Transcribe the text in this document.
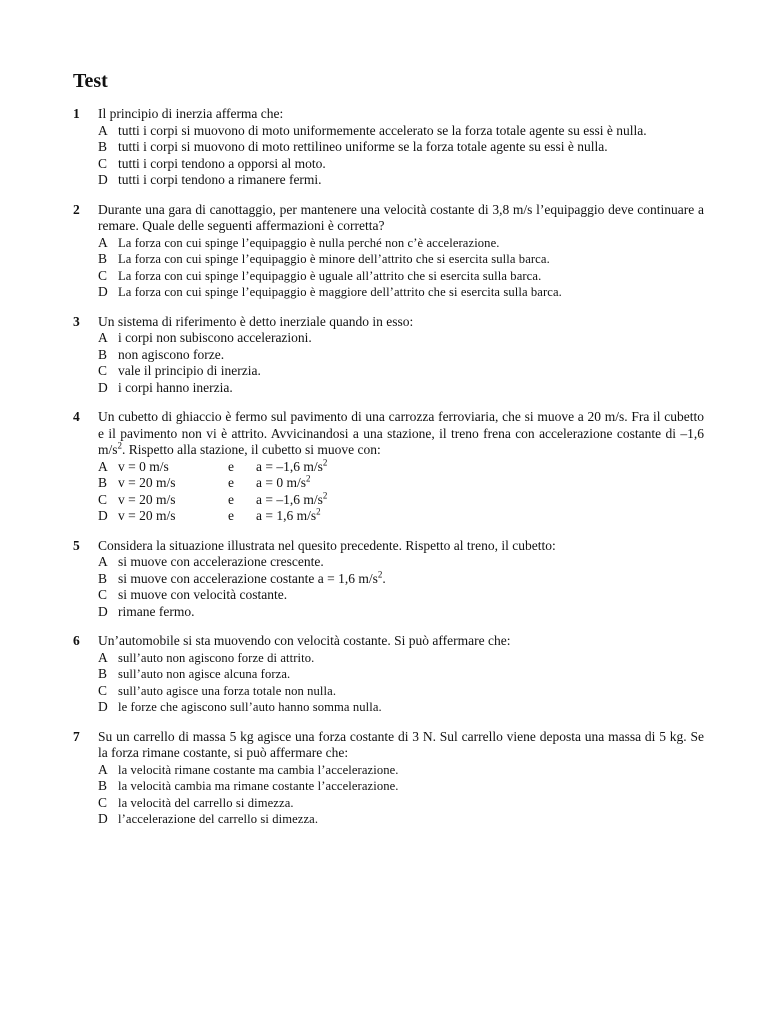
Test
1 Il principio di inerzia afferma che:
A tutti i corpi si muovono di moto uniformemente accelerato se la forza totale agente su essi è nulla.
B tutti i corpi si muovono di moto rettilineo uniforme se la forza totale agente su essi è nulla.
C tutti i corpi tendono a opporsi al moto.
D tutti i corpi tendono a rimanere fermi.
2 Durante una gara di canottaggio, per mantenere una velocità costante di 3,8 m/s l’equipaggio deve continuare a remare. Quale delle seguenti affermazioni è corretta?
A La forza con cui spinge l’equipaggio è nulla perché non c’è accelerazione.
B La forza con cui spinge l’equipaggio è minore dell’attrito che si esercita sulla barca.
C La forza con cui spinge l’equipaggio è uguale all’attrito che si esercita sulla barca.
D La forza con cui spinge l’equipaggio è maggiore dell’attrito che si esercita sulla barca.
3 Un sistema di riferimento è detto inerziale quando in esso:
A i corpi non subiscono accelerazioni.
B non agiscono forze.
C vale il principio di inerzia.
D i corpi hanno inerzia.
4 Un cubetto di ghiaccio è fermo sul pavimento di una carrozza ferroviaria, che si muove a 20 m/s. Fra il cubetto e il pavimento non vi è attrito. Avvicinandosi a una stazione, il treno frena con accelerazione costante di –1,6 $m/s^2$. Rispetto alla stazione, il cubetto si muove con:
A v = 0 m/s	e	a = –1,6 $m/s^2$
B v = 20 m/s	e	a = 0 $m/s^2$
C v = 20 m/s	e	a = –1,6 $m/s^2$
D v = 20 m/s	e	a = 1,6 $m/s^2$
5 Considera la situazione illustrata nel quesito precedente. Rispetto al treno, il cubetto:
A si muove con accelerazione crescente.
B si muove con accelerazione costante a = 1,6 $m/s^2$.
C si muove con velocità costante.
D rimane fermo.
6 Un’automobile si sta muovendo con velocità costante. Si può affermare che:
A sull’auto non agiscono forze di attrito.
B sull’auto non agisce alcuna forza.
C sull’auto agisce una forza totale non nulla.
D le forze che agiscono sull’auto hanno somma nulla.
7 Su un carrello di massa 5 kg agisce una forza costante di 3 N. Sul carrello viene deposta una massa di 5 kg. Se la forza rimane costante, si può affermare che:
A la velocità rimane costante ma cambia l’accelerazione.
B la velocità cambia ma rimane costante l’accelerazione.
C la velocità del carrello si dimezza.
D l’accelerazione del carrello si dimezza.
